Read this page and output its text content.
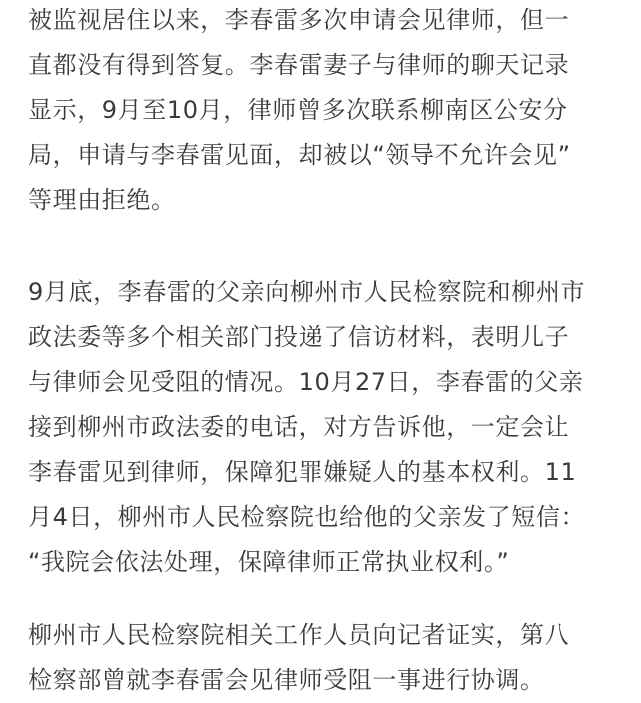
被监视居住以来，李春雷多次申请会见律师，但一
直都没有得到答复。李春雷妻子与律师的聊天记录
显示，9月至10月，律师曾多次联系柳南区公安分
局，申请与李春雷见面，却被以“领导不允许会见”
等理由拒绝。

9月底，李春雷的父亲向柳州市人民检察院和柳州市
政法委等多个相关部门投递了信访材料，表明儿子
与律师会见受阻的情况。10月27日，李春雷的父亲
接到柳州市政法委的电话，对方告诉他，一定会让
李春雷见到律师，保障犯罪嫌疑人的基本权利。11
月4日，柳州市人民检察院也给他的父亲发了短信：
“我院会依法处理，保障律师正常执业权利。”

柳州市人民检察院相关工作人员向记者证实，第八
检察部曾就李春雷会见律师受阻一事进行协调。
